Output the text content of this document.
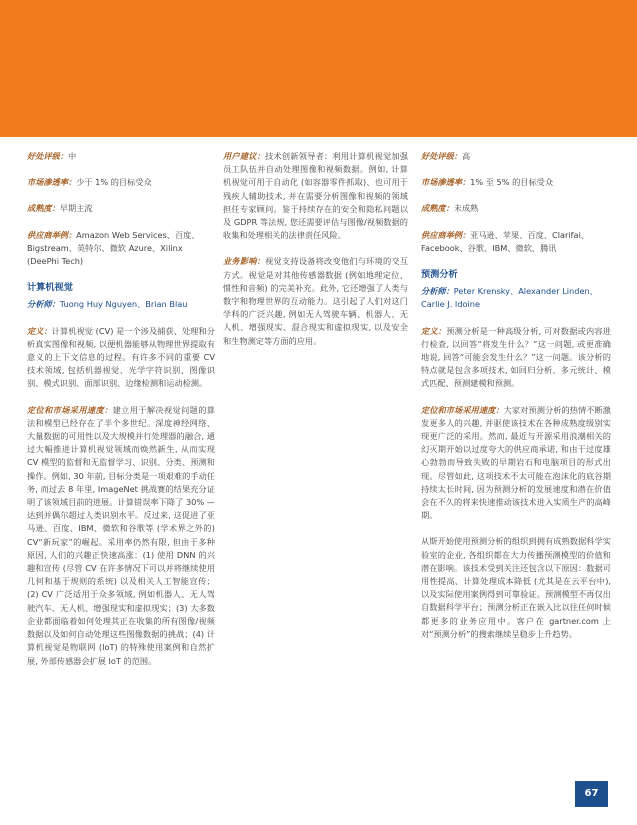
好处评级：中
市场渗透率：少于 1% 的目标受众
成熟度：早期主流
供应商举例：Amazon Web Services、百度、Bigstream、英特尔、微软 Azure、Xilinx (DeePhi Tech)
计算机视觉
分析师：Tuong Huy Nguyen、Brian Blau
定义：计算机视觉 (CV) 是一个涉及捕获、处理和分析真实图像和视频, 以便机器能够从物理世界提取有意义的上下文信息的过程。有许多不同的重要 CV 技术领域, 包括机器视觉、光学字符识别、图像识别、模式识别、面部识别、边缘检测和运动检测。
定位和市场采用速度：建立用于解决视觉问题的算法和模型已经存在了半个多世纪。深度神经网络、大量数据的可用性以及大规模并行处理器的融合, 通过大幅推进计算机视觉领域而焕然新生, 从而实现 CV 模型的监督和无监督学习、识别、分类、预测和操作。例如, 30 年前, 目标分类是一项艰难的手动任务, 而过去 8 年里, ImageNet 挑战赛的结果充分证明了该领域目前的进展。计算错误率下降了 30% — 达到并偶尔超过人类识别水平。反过来, 这促进了亚马逊、百度、IBM、微软和谷歌等 (学术界之外的) CV“新玩家”的崛起。采用率仍然有限, 但由于多种原因, 人们的兴趣正快速高涨：(1) 使用 DNN 的兴趣和宣传 (尽管 CV 在许多情况下可以并将继续使用几何和基于规则的系统) 以及相关人工智能宣传；(2) CV 广泛适用于众多领域, 例如机器人、无人驾驶汽车、无人机、增强现实和虚拟现实；(3) 大多数企业都面临着如何处理其正在收集的所有图像/视频数据以及如何自动处理这些图像数据的挑战；(4) 计算机视觉是物联网 (IoT) 的特殊使用案例和自然扩展, 外部传感器会扩展 IoT 的范围。
用户建议：技术创新领导者：利用计算机视觉加强员工队伍并自动处理图像和视频数据。例如, 计算机视觉可用于自动化 (如容器零件抓取)、也可用于残疾人辅助技术, 并在需要分析图像和视频的领域担任专家顾问。鉴于持续存在的安全和隐私问题以及 GDPR 等法规, 您还需要评估与图像/视频数据的收集和处理相关的法律责任风险。
业务影响：视觉支持设备将改变他们与环境的交互方式。视觉是对其他传感器数据 (例如地理定位、惯性和音频) 的完美补充。此外, 它还增强了人类与数字和物理世界的互动能力。这引起了人们对这门学科的广泛兴趣, 例如无人驾驶车辆、机器人、无人机、增强现实、混合现实和虚拟现实, 以及安全和生物测定等方面的应用。
好处评级：高
市场渗透率：1% 至 5% 的目标受众
成熟度：未成熟
供应商举例：亚马逊、苹果、百度、Clarifai、Facebook、谷歌、IBM、微软、腾讯
预测分析
分析师：Peter Krensky、Alexander Linden、Carlie J. Idoine
定义：预测分析是一种高级分析, 可对数据或内容进行检查, 以回答“将发生什么？”这一问题, 或更准确地说, 回答“可能会发生什么？”这一问题。该分析的特点就是包含多项技术, 如回归分析、多元统计、模式匹配、预测建模和预测。
定位和市场采用速度：大家对预测分析的热情不断激发更多人的兴趣, 并驱使该技术在各种成熟度级别实现更广泛的采用。然而, 最近与开源采用浪潮相关的幻灭期开始以过度夸大的供应商承诺, 和由于过度雄心勃勃而导致失败的早期岩石和电脑项目的形式出现。尽管如此, 这项技术不太可能在泡沫化的底谷期持续太长时间, 因为预测分析的发展速度和潜在价值会在不久的将来快速推动该技术进入实质生产的高峰期。
从斯开始使用预测分析的组织到拥有成熟数据科学实验室的企业, 各组织都在大力传播预测模型的价值和潜在影响。该技术受到关注还包含以下原因：数据可用性提高、计算处理成本降低 (尤其是在云平台中), 以及实际使用案例得到可靠验证。预测模型不再仅出自数据科学平台；预测分析正在嵌入比以往任何时候都更多的业务应用中。客户在 gartner.com 上对“预测分析”的搜索继续呈稳步上升趋势。
67
